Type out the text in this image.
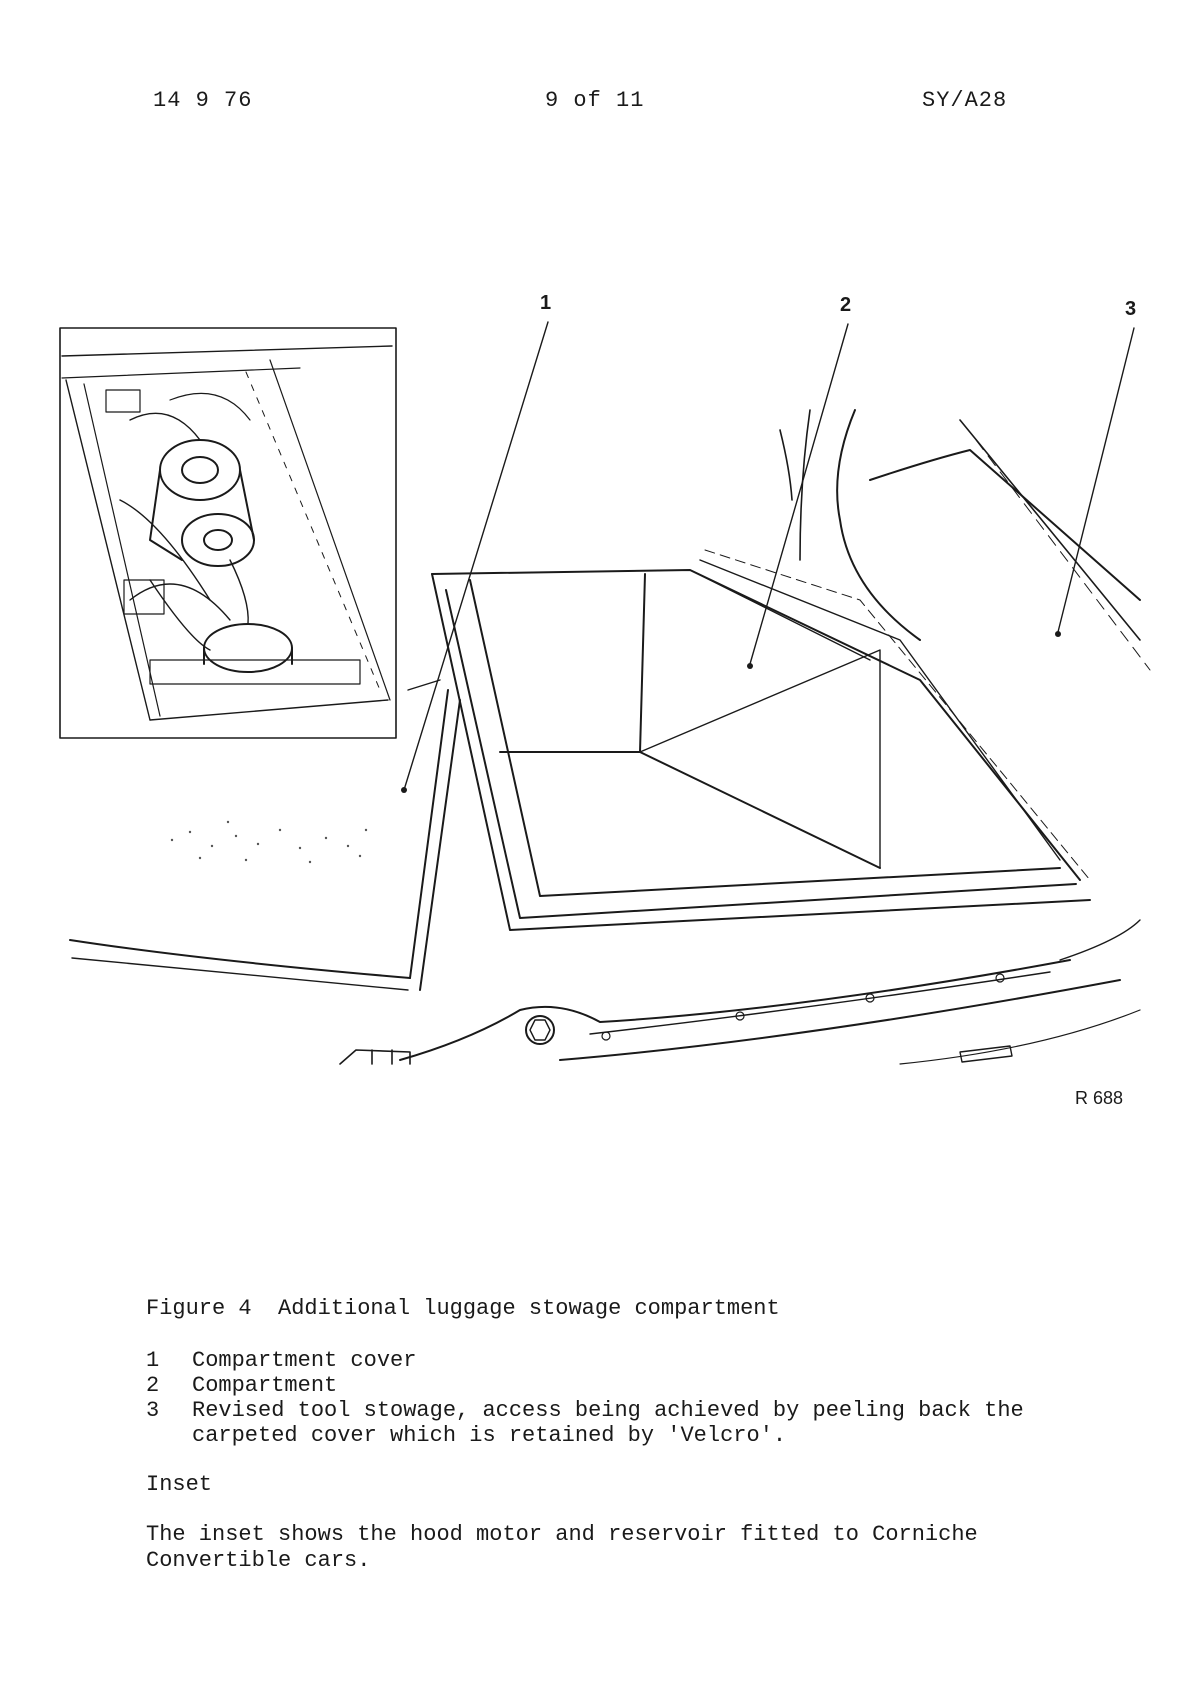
14 9 76	9 of 11	SY/A28
1	2	3
R 688
Figure 4  Additional luggage stowage compartment
1	Compartment cover
2	Compartment
3	Revised tool stowage, access being achieved by peeling back the carpeted cover which is retained by 'Velcro'.
Inset
The inset shows the hood motor and reservoir fitted to Corniche Convertible cars.
